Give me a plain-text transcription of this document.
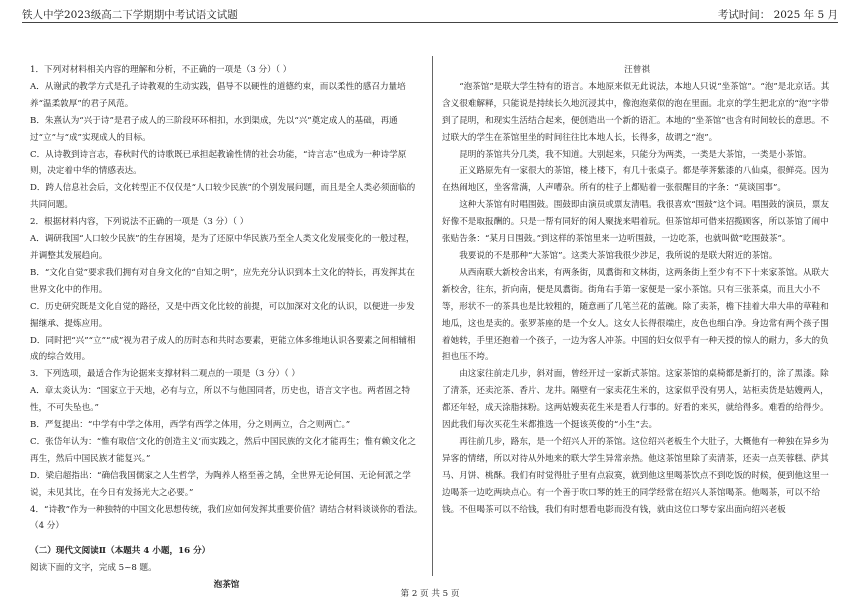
铁人中学2023级高二下学期期中考试语文试题	考试时间： 2025 年 5 月

1．下列对材料相关内容的理解和分析，不正确的一项是（3 分）（ ）

A．从谢武的教学方式是孔子诗教观的生动实践，倡导不以硬性的道德约束，而以柔性的感召力量培养“温柔敦厚”的君子风范。

B．朱熹认为“兴于诗”是君子成人的三阶段环环相扣，水到渠成，先以“兴”奠定成人的基础，再通过“立”与“成”实现成人的目标。

C．从诗教到诗言志，春秋时代的诗歌既已承担起教谕性情的社会功能，“诗言志”也成为一种诗学原则，决定着中华的情感表达。

D．跨人信息社会后，文化转型正不仅仅是“人口较少民族”的个别发展问题，而且是全人类必须面临的共同问题。

2．根据材料内容，下列说法不正确的一项是（3 分）（ ）

A．调研我国“人口较少民族”的生存困境，是为了还原中华民族乃至全人类文化发展变化的一般过程，并调整其发展趋向。

B．“文化自觉”要求我们拥有对自身文化的“自知之明”，应先充分认识到本土文化的特长，再发挥其在世界文化中的作用。

C．历史研究既是文化自觉的路径，又是中西文化比较的前提，可以加深对文化的认识，以便进一步发掘继承、提炼应用。

D．同时把“兴”“立”“成”视为君子成人的历时态和共时态要素，更能立体多维地认识各要素之间相辅相成的综合效用。

3．下列选项，最适合作为论据来支撑材料二观点的一项是（3 分）（ ）

A．章太炎认为：“国家立于天地，必有与立，所以不与他国同者，历史也，语言文字也。两者固之特性，不可失坠也。”

B．严复提出：“中学有中学之体用，西学有西学之体用，分之则两立，合之则两亡。”

C．张岱年认为：“惟有取信‘文化的创造主义’而实践之，然后中国民族的文化才能再生；惟有赖文化之再生，然后中国民族才能复兴。”

D．梁启超指出：“确信我国儒家之人生哲学，为陶养人格至善之鹄，全世界无论何国、无论何派之学说，未见其比，在今日有发扬光大之必要。”

4．“诗教”作为一种独特的中国文化思想传统，我们应如何发挥其重要价值？请结合材料谈谈你的看法。（4 分）

（二）现代文阅读Ⅱ（本题共 4 小题，16 分）

阅读下面的文字，完成 5~8 题。

泡茶馆

汪曾祺

“泡茶馆”是联大学生特有的语言。本地原来似无此说法，本地人只说“坐茶馆”。“泡”是北京话。其含义很难解释，只能说是持续长久地沉浸其中，像泡泡菜似的泡在里面。北京的学生把北京的“泡”字带到了昆明，和现实生活结合起来，便创造出一个新的语汇。本地的“坐茶馆”也含有时间较长的意思。不过联大的学生在茶馆里坐的时间往往比本地人长，长得多，故谓之“泡”。

昆明的茶馆共分几类，我不知道。大别起来，只能分为两类，一类是大茶馆，一类是小茶馆。

正义路原先有一家很大的茶馆，楼上楼下，有几十张桌子。都是荸荠紫漆的八仙桌，很鲜亮。因为在热闹地区，坐客常满，人声嘈杂。所有的柱子上都贴着一张很醒目的字条：“莫谈国事”。

这种大茶馆有时唱围鼓。围鼓即由演员或票友清唱。我很喜欢“围鼓”这个词。唱围鼓的演员，票友好像不是取报酬的。只是一帮有同好的闲人聚拢来唱着玩。但茶馆却可借来招揽顾客，所以茶馆了闹中张贴告条：“某月日围鼓。”到这样的茶馆里来一边听围鼓，一边吃茶，也就叫做“吃围鼓茶”。

我要说的不是那种“大茶馆”。这类大茶馆我很少涉足，我所说的是联大附近的茶馆。

从西南联大新校舍出来，有两条街，凤翥街和文林街，这两条街上至少有不下十来家茶馆。从联大新校舍，往东，折向南，便是凤翥街。街角右手第一家便是一家小茶馆。只有三张茶桌，而且大小不等，形状不一的茶具也是比较粗的，随意画了几笔兰花的蓝碗。除了卖茶，檐下挂着大串大串的草鞋和地瓜，这也是卖的。张罗茶座的是一个女人。这女人长得很端庄，皮色也细白净。身边常有两个孩子围着她转，手里还抱着一个孩子，一边为客人冲茶。中国的妇女似乎有一种天授的惊人的耐力，多大的负担也压不垮。

由这家往前走几步，斜对面，曾经开过一家新式茶馆。这家茶馆的桌椅都是新打的，涂了黑漆。除了清茶，还卖沱茶、香片、龙井。隔壁有一家卖花生米的，这家似乎没有男人，站柜卖货是姑嫂两人，都还年轻，成天涂脂抹粉。这两姑嫂卖花生米是看人行事的。好看的来买，就给得多。难看的给得少。因此我们每次买花生米都推选一个挺该英俊的“小生”去。

再往前几步，路东，是一个绍兴人开的茶馆。这位绍兴老板生个大肚子，大概他有一种独在异乡为异客的情绪，所以对待从外地来的联大学生异常亲热。他这茶馆里除了卖清茶，还卖一点芙蓉糕、萨其马、月饼、桃酥。我们有时觉得肚子里有点寂寞，就到他这里喝茶饮点不到吃饭的时候，便到他这里一边喝茶一边吃两块点心。有一个善于吹口琴的姓王的同学经常在绍兴人茶馆喝茶。他喝茶，可以不给钱。不但喝茶可以不给钱，我们有时想看电影而没有钱，就由这位口琴专家出面向绍兴老板

第 2 页 共 5 页
